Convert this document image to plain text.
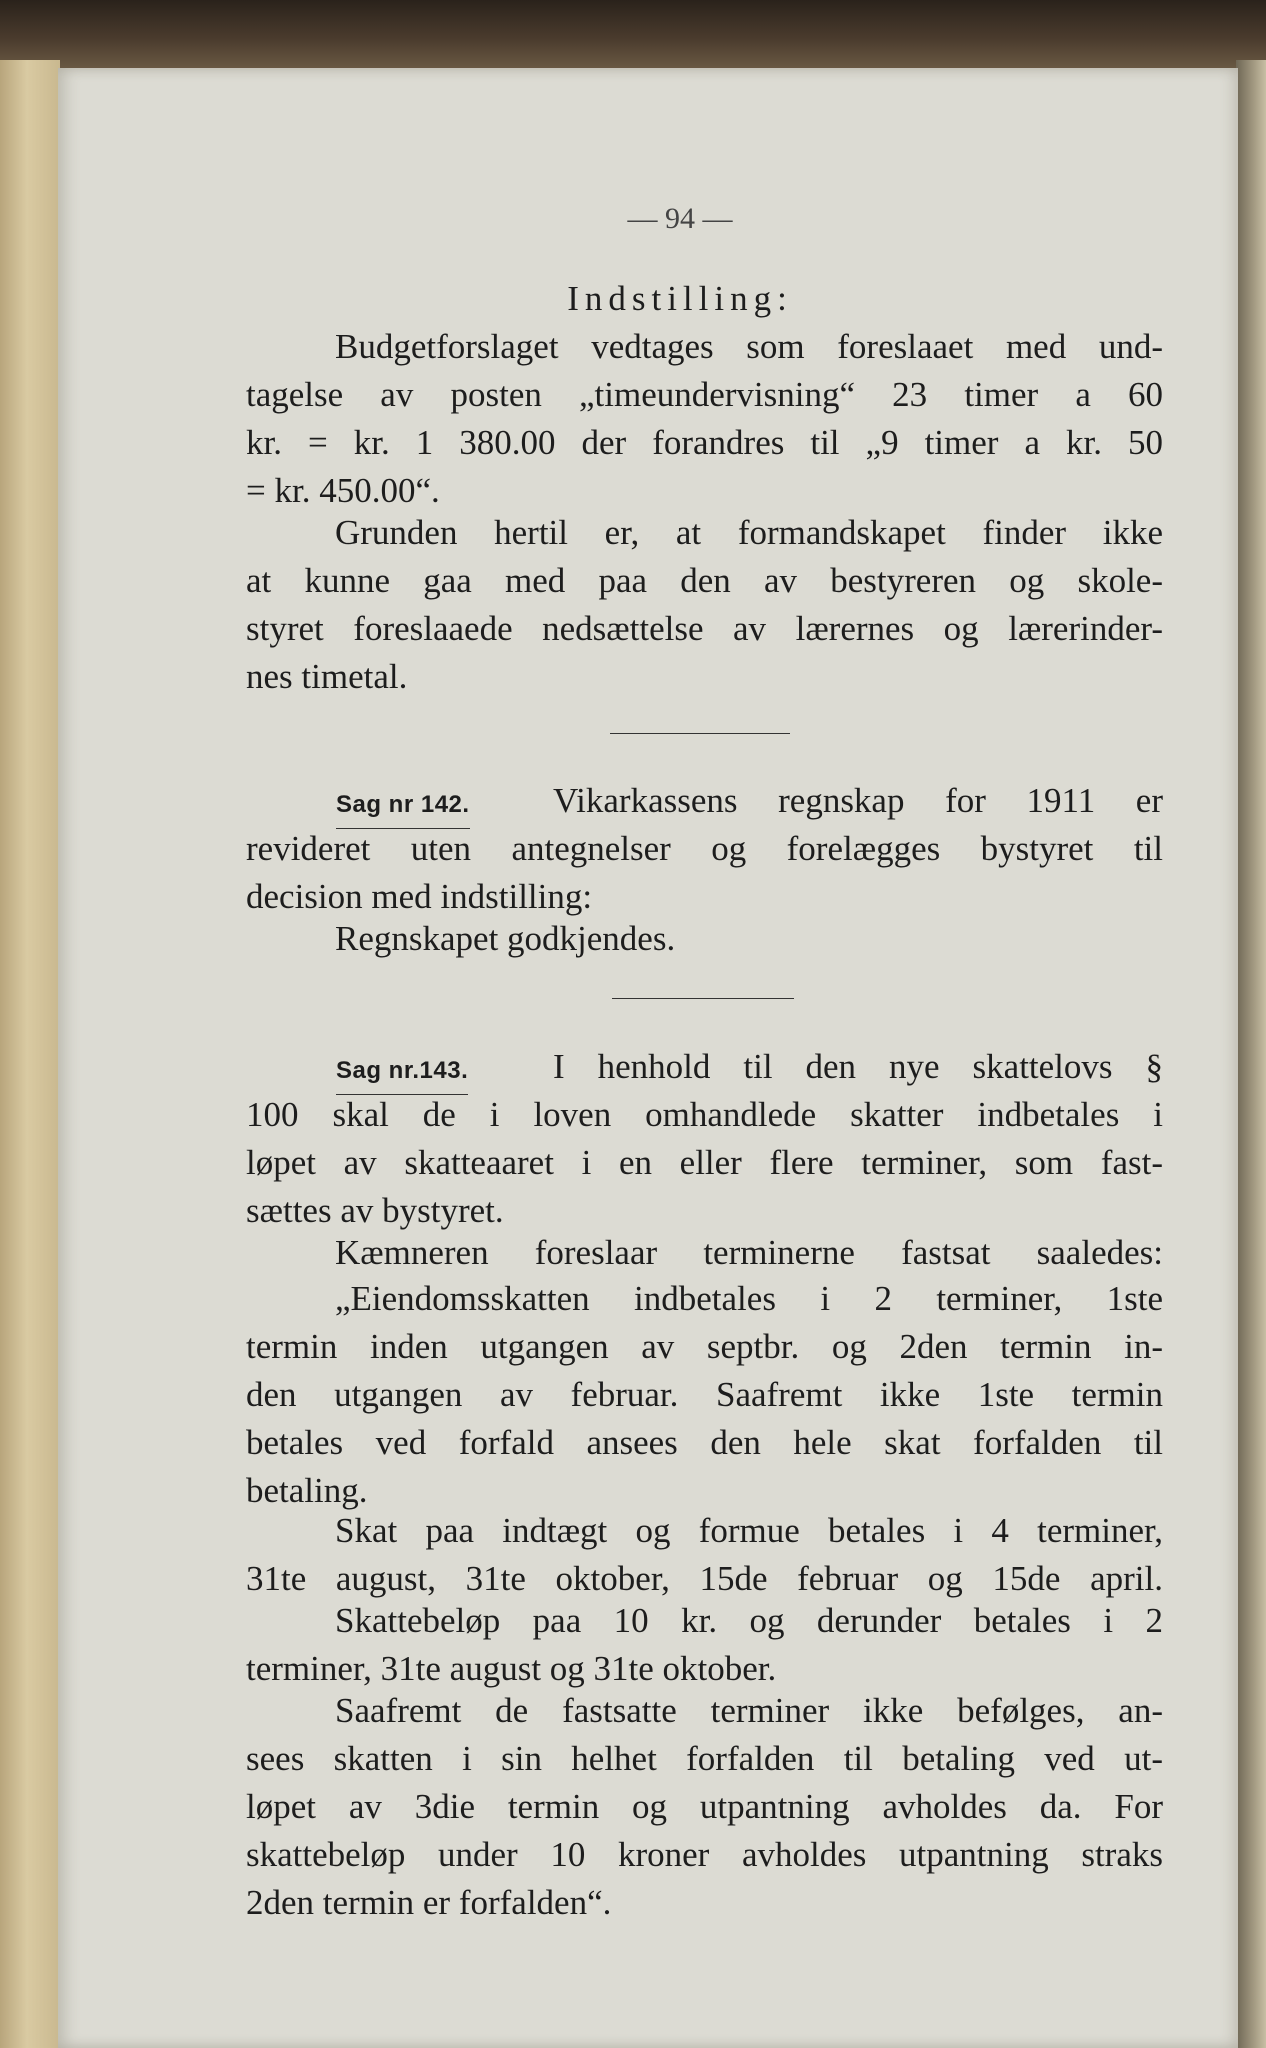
— 94 —
Indstilling:
Budgetforslaget vedtages som foreslaaet med und-
tagelse av posten „timeundervisning“ 23 timer a 60
kr. = kr. 1 380.00 der forandres til „9 timer a kr. 50
= kr. 450.00“.
Grunden hertil er, at formandskapet finder ikke
at kunne gaa med paa den av bestyreren og skole-
styret foreslaaede nedsættelse av lærernes og lærerinder-
nes timetal.
Sag nr 142. Vikarkassens regnskap for 1911 er
revideret uten antegnelser og forelægges bystyret til
decision med indstilling:
Regnskapet godkjendes.
Sag nr.143. I henhold til den nye skattelovs §
100 skal de i loven omhandlede skatter indbetales i
løpet av skatteaaret i en eller flere terminer, som fast-
sættes av bystyret.
Kæmneren foreslaar terminerne fastsat saaledes:
„Eiendomsskatten indbetales i 2 terminer, 1ste
termin inden utgangen av septbr. og 2den termin in-
den utgangen av februar. Saafremt ikke 1ste termin
betales ved forfald ansees den hele skat forfalden til
betaling.
Skat paa indtægt og formue betales i 4 terminer,
31te august, 31te oktober, 15de februar og 15de april.
Skattebeløp paa 10 kr. og derunder betales i 2
terminer, 31te august og 31te oktober.
Saafremt de fastsatte terminer ikke befølges, an-
sees skatten i sin helhet forfalden til betaling ved ut-
løpet av 3die termin og utpantning avholdes da. For
skattebeløp under 10 kroner avholdes utpantning straks
2den termin er forfalden“.
